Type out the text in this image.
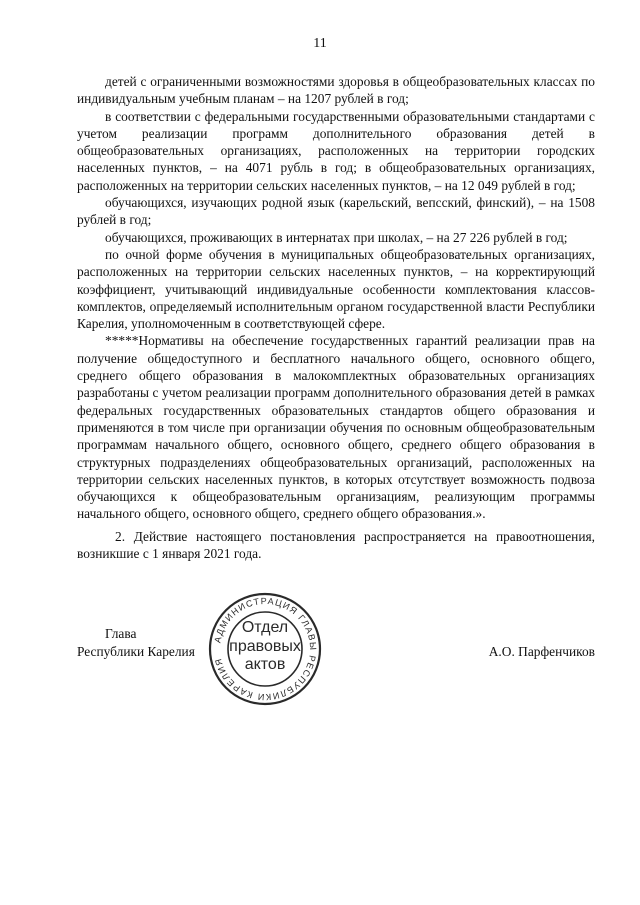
11

детей с ограниченными возможностями здоровья в общеобразовательных классах по индивидуальным учебным планам – на 1207 рублей в год;

в соответствии с федеральными государственными образовательными стандартами с учетом реализации программ дополнительного образования детей в общеобразовательных организациях, расположенных на территории городских населенных пунктов, – на 4071 рубль в год; в общеобразовательных организациях, расположенных на территории сельских населенных пунктов, – на 12 049 рублей в год;

обучающихся, изучающих родной язык (карельский, вепсский, финский), – на 1508 рублей в год;

обучающихся, проживающих в интернатах при школах, – на 27 226 рублей в год;

по очной форме обучения в муниципальных общеобразовательных организациях, расположенных на территории сельских населенных пунктов, – на корректирующий коэффициент, учитывающий индивидуальные особенности комплектования классов-комплектов, определяемый исполнительным органом государственной власти Республики Карелия, уполномоченным в соответствующей сфере.

*****Нормативы на обеспечение государственных гарантий реализации прав на получение общедоступного и бесплатного начального общего, основного общего, среднего общего образования в малокомплектных образовательных организациях разработаны с учетом реализации программ дополнительного образования детей в рамках федеральных государственных образовательных стандартов общего образования и применяются в том числе при организации обучения по основным общеобразовательным программам начального общего, основного общего, среднего общего образования в структурных подразделениях общеобразовательных организаций, расположенных на территории сельских населенных пунктов, в которых отсутствует возможность подвоза обучающихся к общеобразовательным организациям, реализующим программы начального общего, основного общего, среднего общего образования.».

2. Действие настоящего постановления распространяется на правоотношения, возникшие с 1 января 2021 года.

Глава
Республики Карелия	А.О. Парфенчиков
АДМИНИСТРАЦИЯ ГЛАВЫ РЕСПУБЛИКИ КАРЕЛИЯ
Отдел
правовых
актов
